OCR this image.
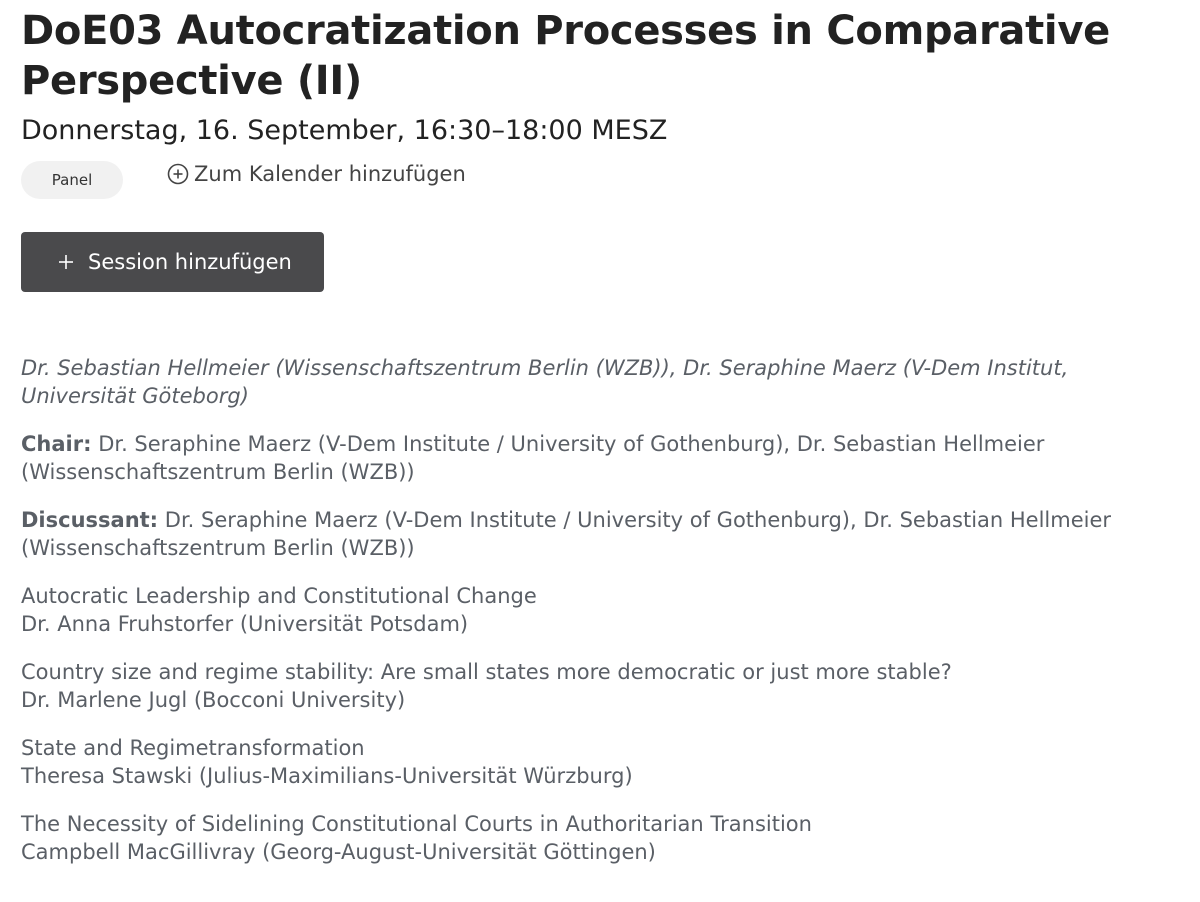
DoE03 Autocratization Processes in Comparative Perspective (II)
Donnerstag, 16. September, 16:30–18:00 MESZ
Panel	Zum Kalender hinzufügen
Session hinzufügen
Dr. Sebastian Hellmeier (Wissenschaftszentrum Berlin (WZB)), Dr. Seraphine Maerz (V-Dem Institut, Universität Göteborg)
Chair: Dr. Seraphine Maerz (V-Dem Institute / University of Gothenburg), Dr. Sebastian Hellmeier (Wissenschaftszentrum Berlin (WZB))
Discussant: Dr. Seraphine Maerz (V-Dem Institute / University of Gothenburg), Dr. Sebastian Hellmeier (Wissenschaftszentrum Berlin (WZB))
Autocratic Leadership and Constitutional Change
Dr. Anna Fruhstorfer (Universität Potsdam)
Country size and regime stability: Are small states more democratic or just more stable?
Dr. Marlene Jugl (Bocconi University)
State and Regimetransformation
Theresa Stawski (Julius-Maximilians-Universität Würzburg)
The Necessity of Sidelining Constitutional Courts in Authoritarian Transition
Campbell MacGillivray (Georg-August-Universität Göttingen)
